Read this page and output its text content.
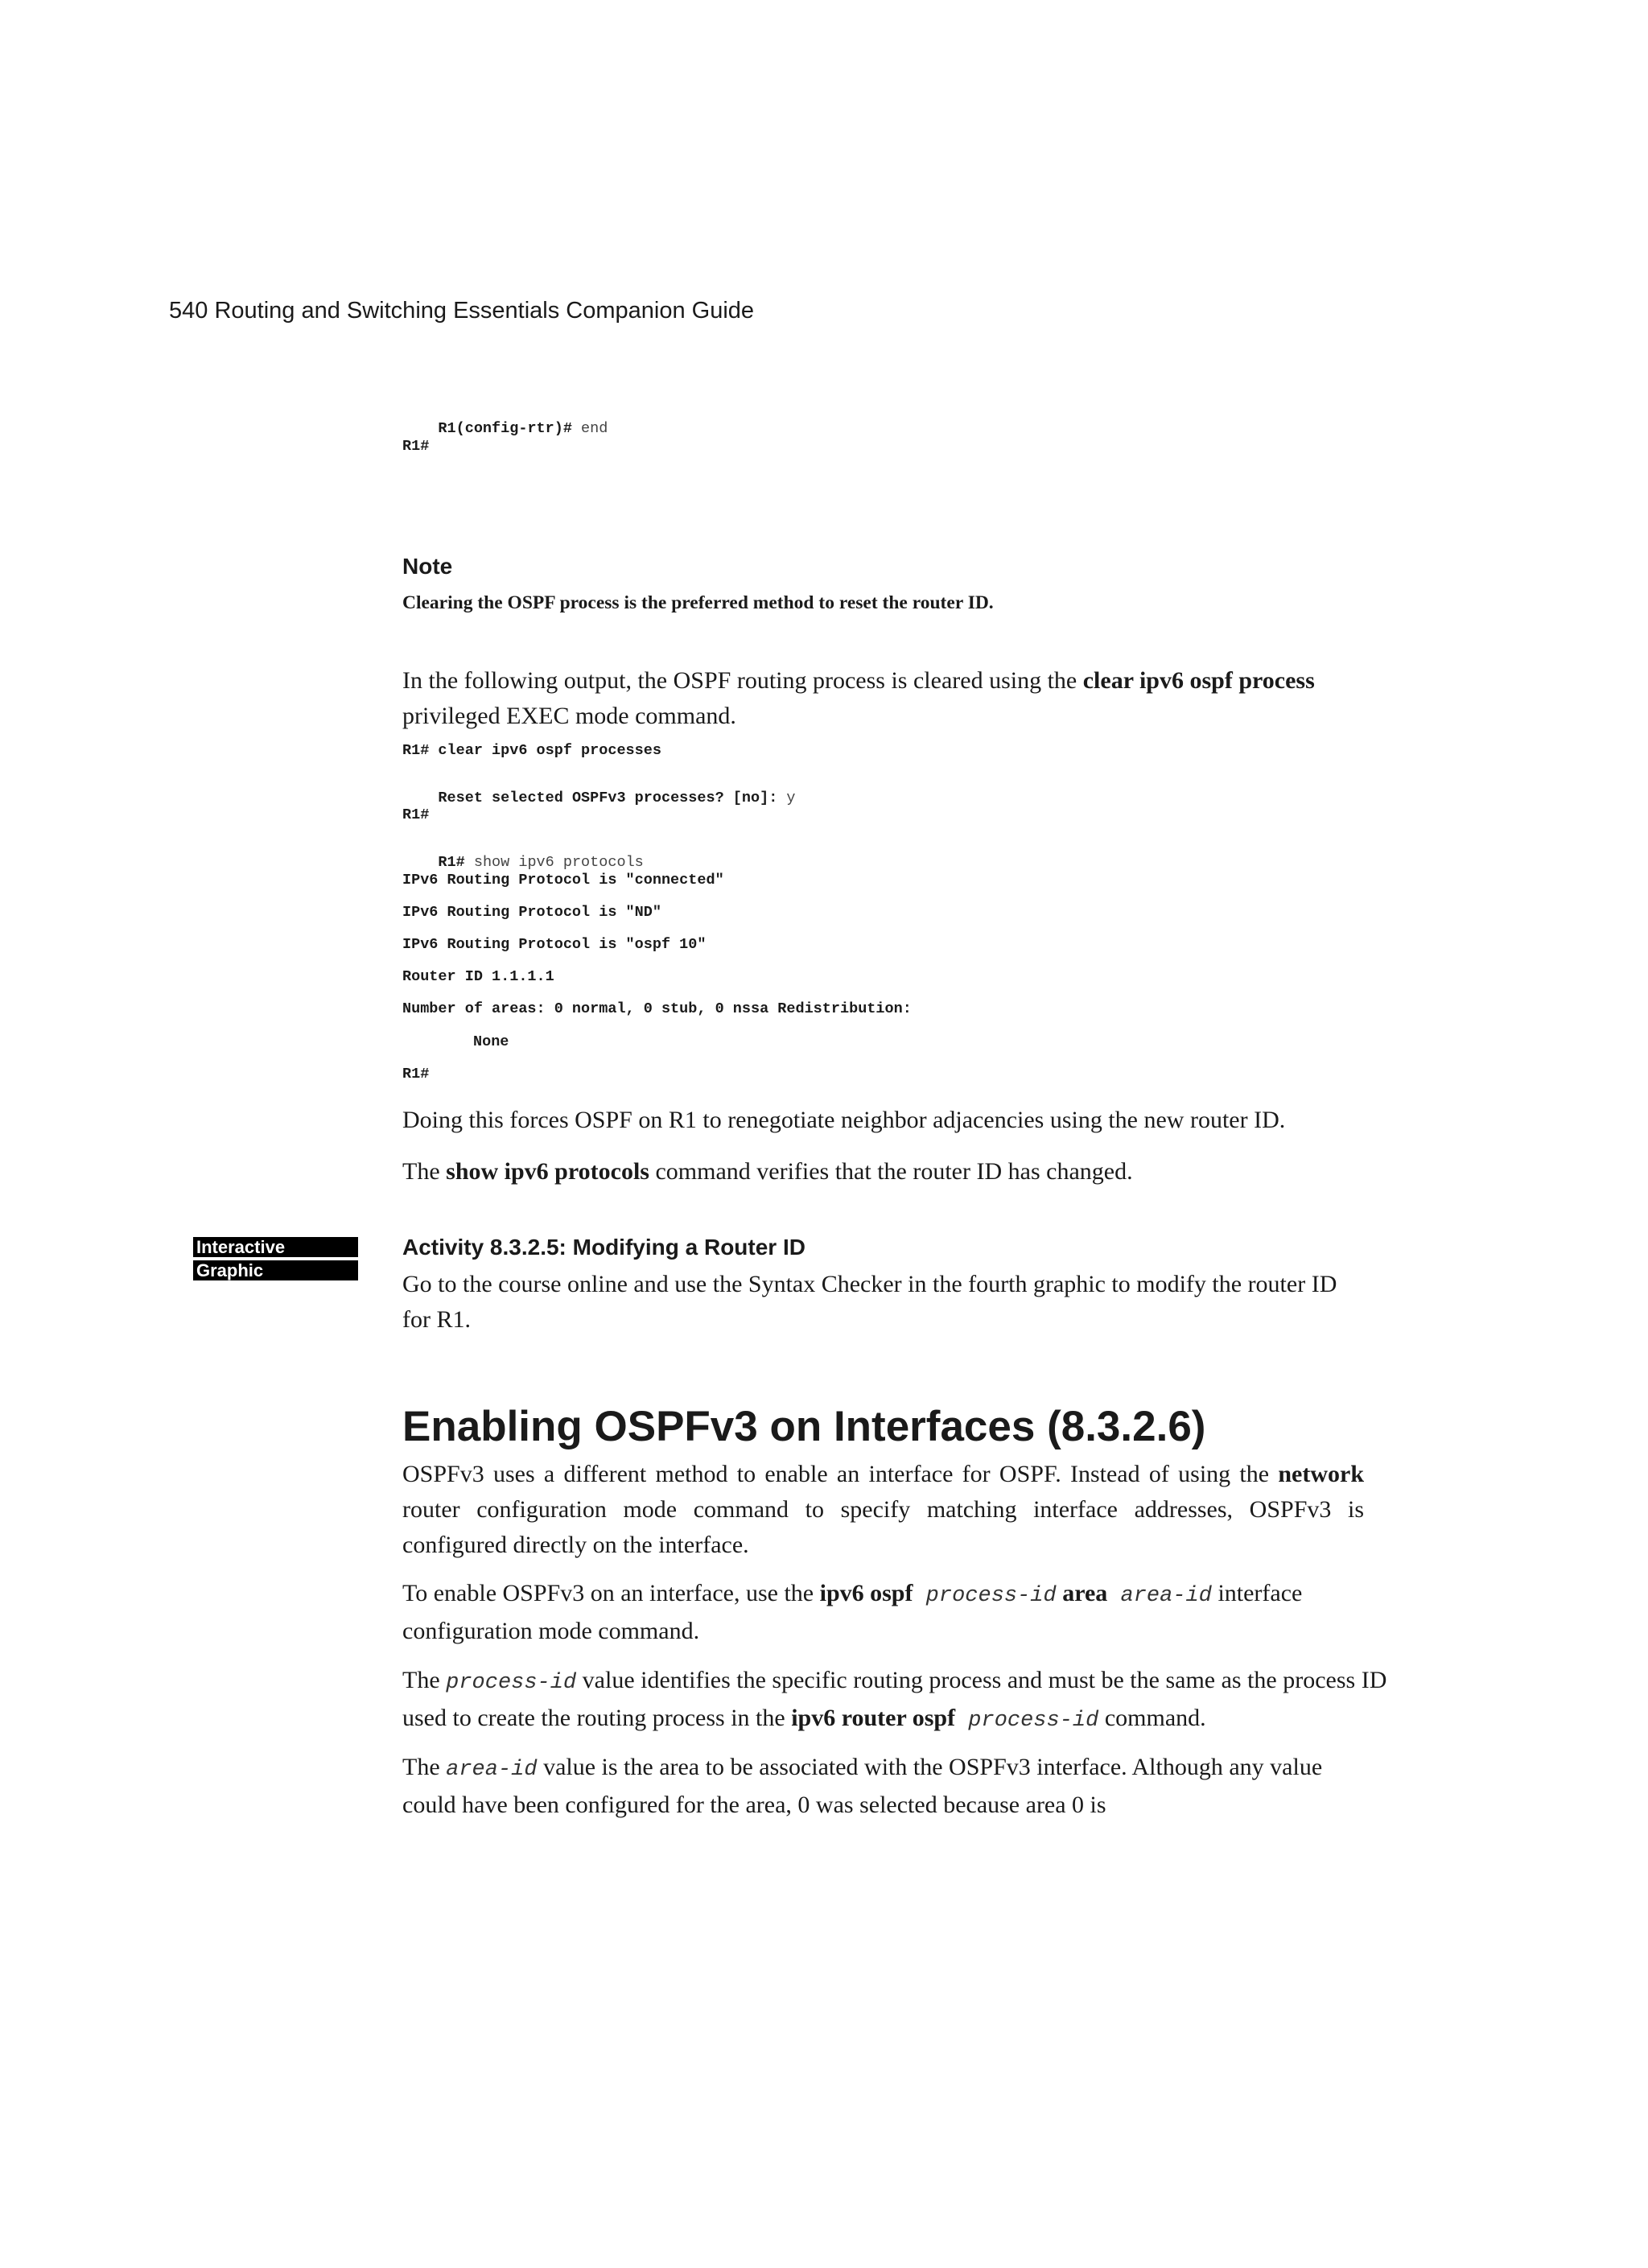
540 Routing and Switching Essentials Companion Guide
Interactive
Graphic

R1(config-rtr)# end

R1#
Note
Clearing the OSPF process is the preferred method to reset the router ID.

In the following output, the OSPF routing process is cleared using the clear ipv6 ospf process privileged EXEC mode command.

R1# clear ipv6 ospf processes

Reset selected OSPFv3 processes? [no]: y

R1#

R1# show ipv6 protocols

IPv6 Routing Protocol is "connected"
IPv6 Routing Protocol is "ND"
IPv6 Routing Protocol is "ospf 10"
Router ID 1.1.1.1
Number of areas: 0 normal, 0 stub, 0 nssa Redistribution:
None
R1#

Doing this forces OSPF on R1 to renegotiate neighbor adjacencies using the new router ID.

The show ipv6 protocols command verifies that the router ID has changed.

Activity 8.3.2.5: Modifying a Router ID

Go to the course online and use the Syntax Checker in the fourth graphic to modify the router ID for R1.

Enabling OSPFv3 on Interfaces (8.3.2.6)

OSPFv3 uses a different method to enable an interface for OSPF. Instead of using the network router configuration mode command to specify matching interface addresses, OSPFv3 is configured directly on the interface.

To enable OSPFv3 on an interface, use the ipv6 ospf process-id area area-id interface configuration mode command.

The process-id value identifies the specific routing process and must be the same as the process ID used to create the routing process in the ipv6 router ospf process-id command.

The area-id value is the area to be associated with the OSPFv3 interface. Although any value could have been configured for the area, 0 was selected because area 0 is
